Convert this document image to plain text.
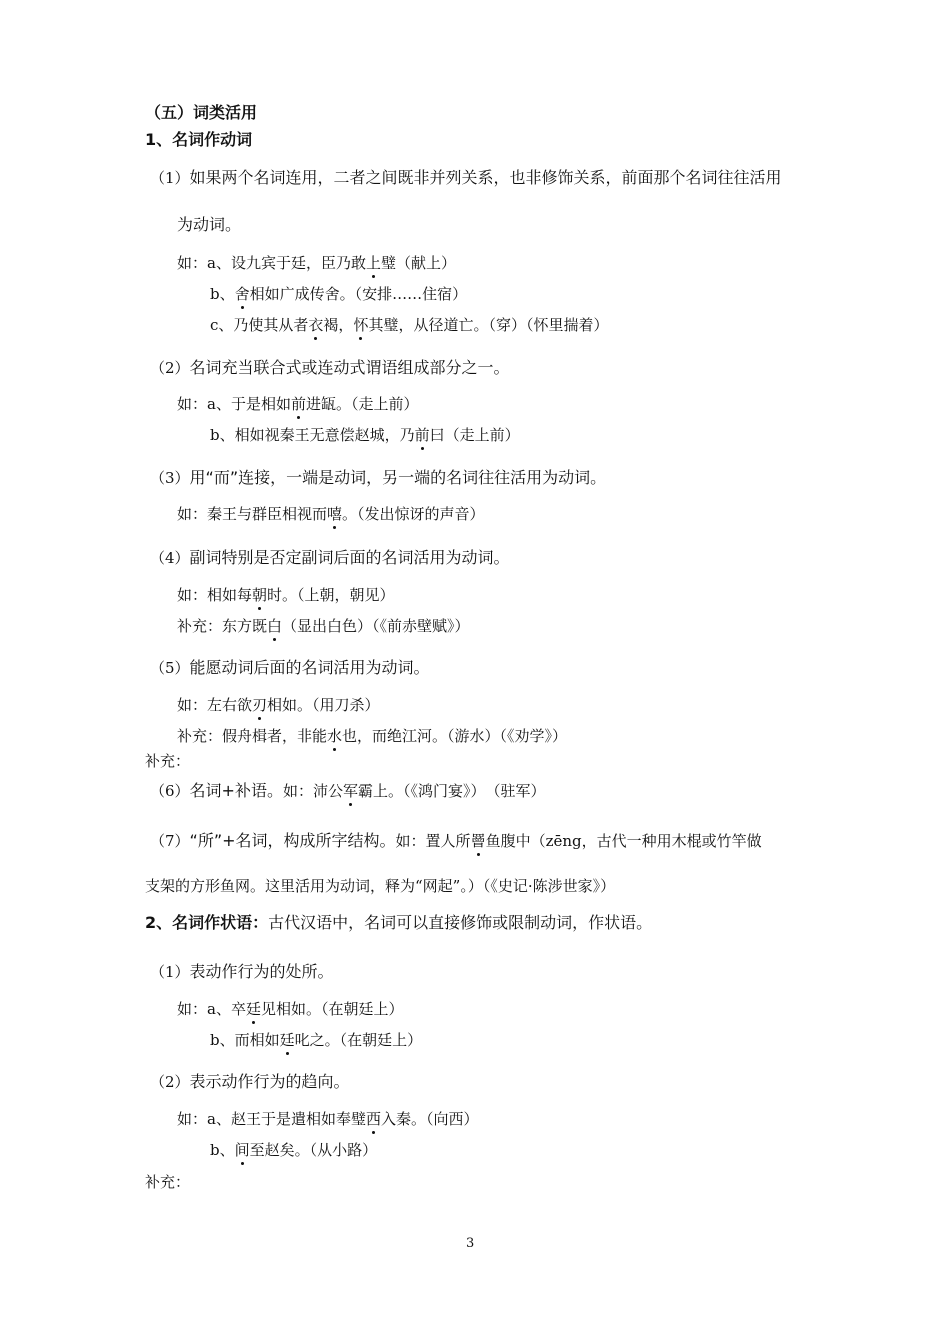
（五）词类活用
1、名词作动词
（1）如果两个名词连用，二者之间既非并列关系，也非修饰关系，前面那个名词往往活用
为动词。
如：a、设九宾于廷，臣乃敢上璧（献上）
b、舍相如广成传舍。（安排……住宿）
c、乃使其从者衣褐，怀其璧，从径道亡。（穿）（怀里揣着）
（2）名词充当联合式或连动式谓语组成部分之一。
如：a、于是相如前进缻。（走上前）
b、相如视秦王无意偿赵城，乃前曰（走上前）
（3）用“而”连接，一端是动词，另一端的名词往往活用为动词。
如：秦王与群臣相视而嘻。（发出惊讶的声音）
（4）副词特别是否定副词后面的名词活用为动词。
如：相如每朝时。（上朝，朝见）
补充：东方既白（显出白色）（《前赤壁赋》）
（5）能愿动词后面的名词活用为动词。
如：左右欲刃相如。（用刀杀）
补充：假舟楫者，非能水也，而绝江河。（游水）（《劝学》）
补充：
（6）名词+补语。如：沛公军霸上。（《鸿门宴》）　（驻军）
（7）“所”+名词，构成所字结构。如：置人所罾鱼腹中（zēng，古代一种用木棍或竹竿做
支架的方形鱼网。这里活用为动词，释为“网起”。）（《史记·陈涉世家》）
2、名词作状语：古代汉语中，名词可以直接修饰或限制动词，作状语。
（1）表动作行为的处所。
如：a、卒廷见相如。（在朝廷上）
b、而相如廷叱之。（在朝廷上）
（2）表示动作行为的趋向。
如：a、赵王于是遣相如奉璧西入秦。（向西）
b、间至赵矣。（从小路）
补充：
3
